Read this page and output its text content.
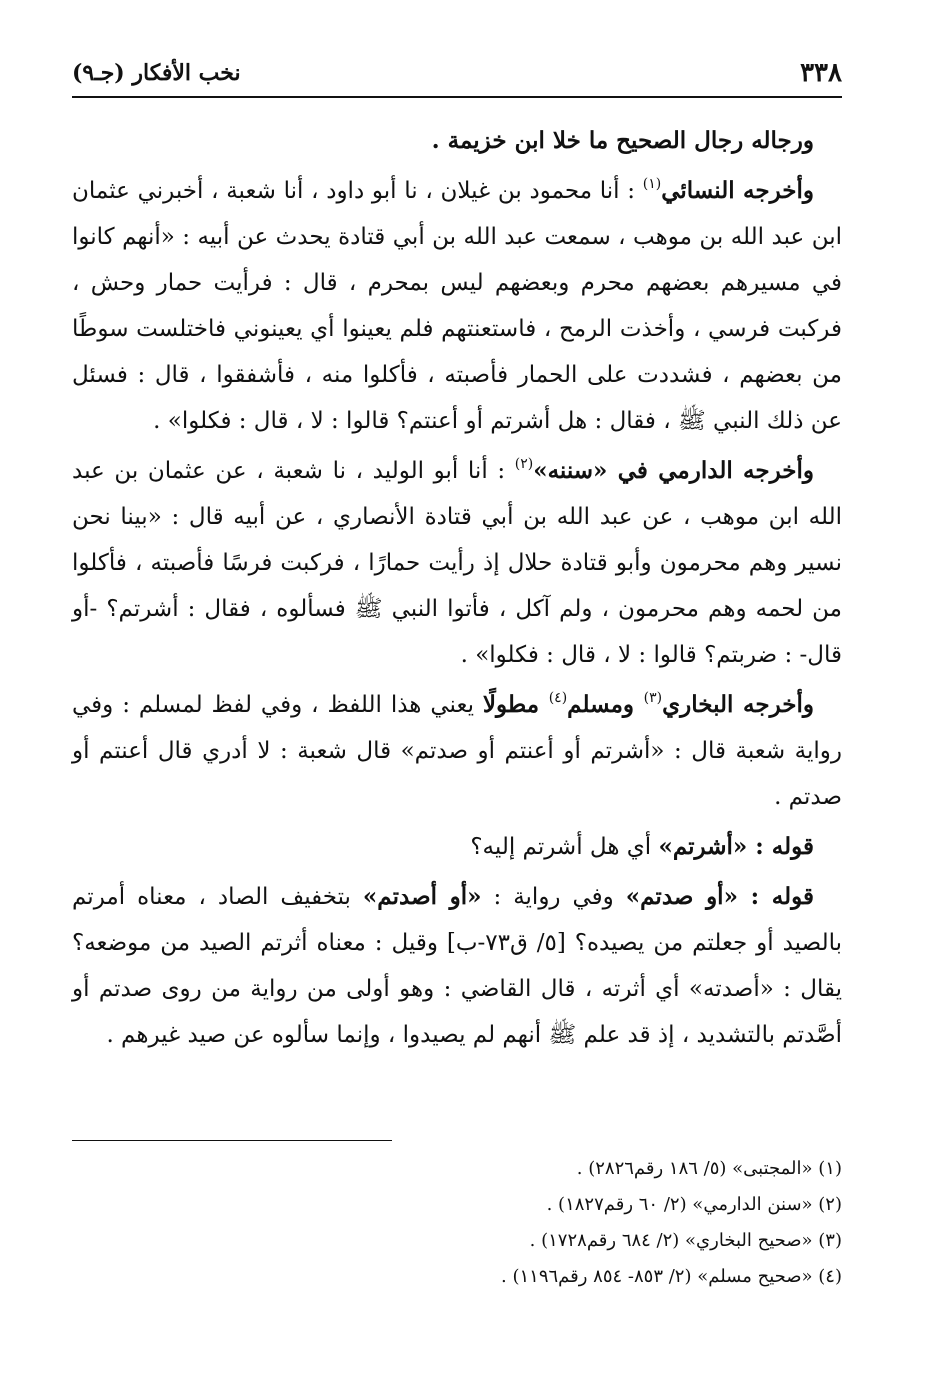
٣٣٨
نخب الأفكار (جـ٩)

ورجاله رجال الصحيح ما خلا ابن خزيمة .

وأخرجه النسائي$^{(١)}$ : أنا محمود بن غيلان ، نا أبو داود ، أنا شعبة ، أخبرني عثمان ابن عبد الله بن موهب ، سمعت عبد الله بن أبي قتادة يحدث عن أبيه : «أنهم كانوا في مسيرهم بعضهم محرم وبعضهم ليس بمحرم ، قال : فرأيت حمار وحش ، فركبت فرسي ، وأخذت الرمح ، فاستعنتهم فلم يعينوا أي يعينوني فاختلست سوطًا من بعضهم ، فشددت على الحمار فأصبته ، فأكلوا منه ، فأشفقوا ، قال : فسئل عن ذلك النبي ﷺ ، فقال : هل أشرتم أو أعنتم؟ قالوا : لا ، قال : فكلوا» .

وأخرجه الدارمي في «سننه»$^{(٢)}$ : أنا أبو الوليد ، نا شعبة ، عن عثمان بن عبد الله ابن موهب ، عن عبد الله بن أبي قتادة الأنصاري ، عن أبيه قال : «بينا نحن نسير وهم محرمون وأبو قتادة حلال إذ رأيت حمارًا ، فركبت فرسًا فأصبته ، فأكلوا من لحمه وهم محرمون ، ولم آكل ، فأتوا النبي ﷺ فسألوه ، فقال : أشرتم؟ -أو قال- : ضربتم؟ قالوا : لا ، قال : فكلوا» .

وأخرجه البخاري$^{(٣)}$ ومسلم$^{(٤)}$ مطولًا يعني هذا اللفظ ، وفي لفظ لمسلم : وفي رواية شعبة قال : «أشرتم أو أعنتم أو صدتم» قال شعبة : لا أدري قال أعنتم أو صدتم .

قوله : «أشرتم» أي هل أشرتم إليه؟

قوله : «أو صدتم» وفي رواية : «أو أصدتم» بتخفيف الصاد ، معناه أمرتم بالصيد أو جعلتم من يصيده؟ [٥/ ق٧٣-ب] وقيل : معناه أثرتم الصيد من موضعه؟ يقال : «أصدته» أي أثرته ، قال القاضي : وهو أولى من رواية من روى صدتم أو أصَّدتم بالتشديد ، إذ قد علم ﷺ أنهم لم يصيدوا ، وإنما سألوه عن صيد غيرهم .

(١) «المجتبى» (٥/ ١٨٦ رقم٢٨٢٦) .

(٢) «سنن الدارمي» (٢/ ٦٠ رقم١٨٢٧) .

(٣) «صحيح البخاري» (٢/ ٦٨٤ رقم١٧٢٨) .

(٤) «صحيح مسلم» (٢/ ٨٥٣- ٨٥٤ رقم١١٩٦) .
